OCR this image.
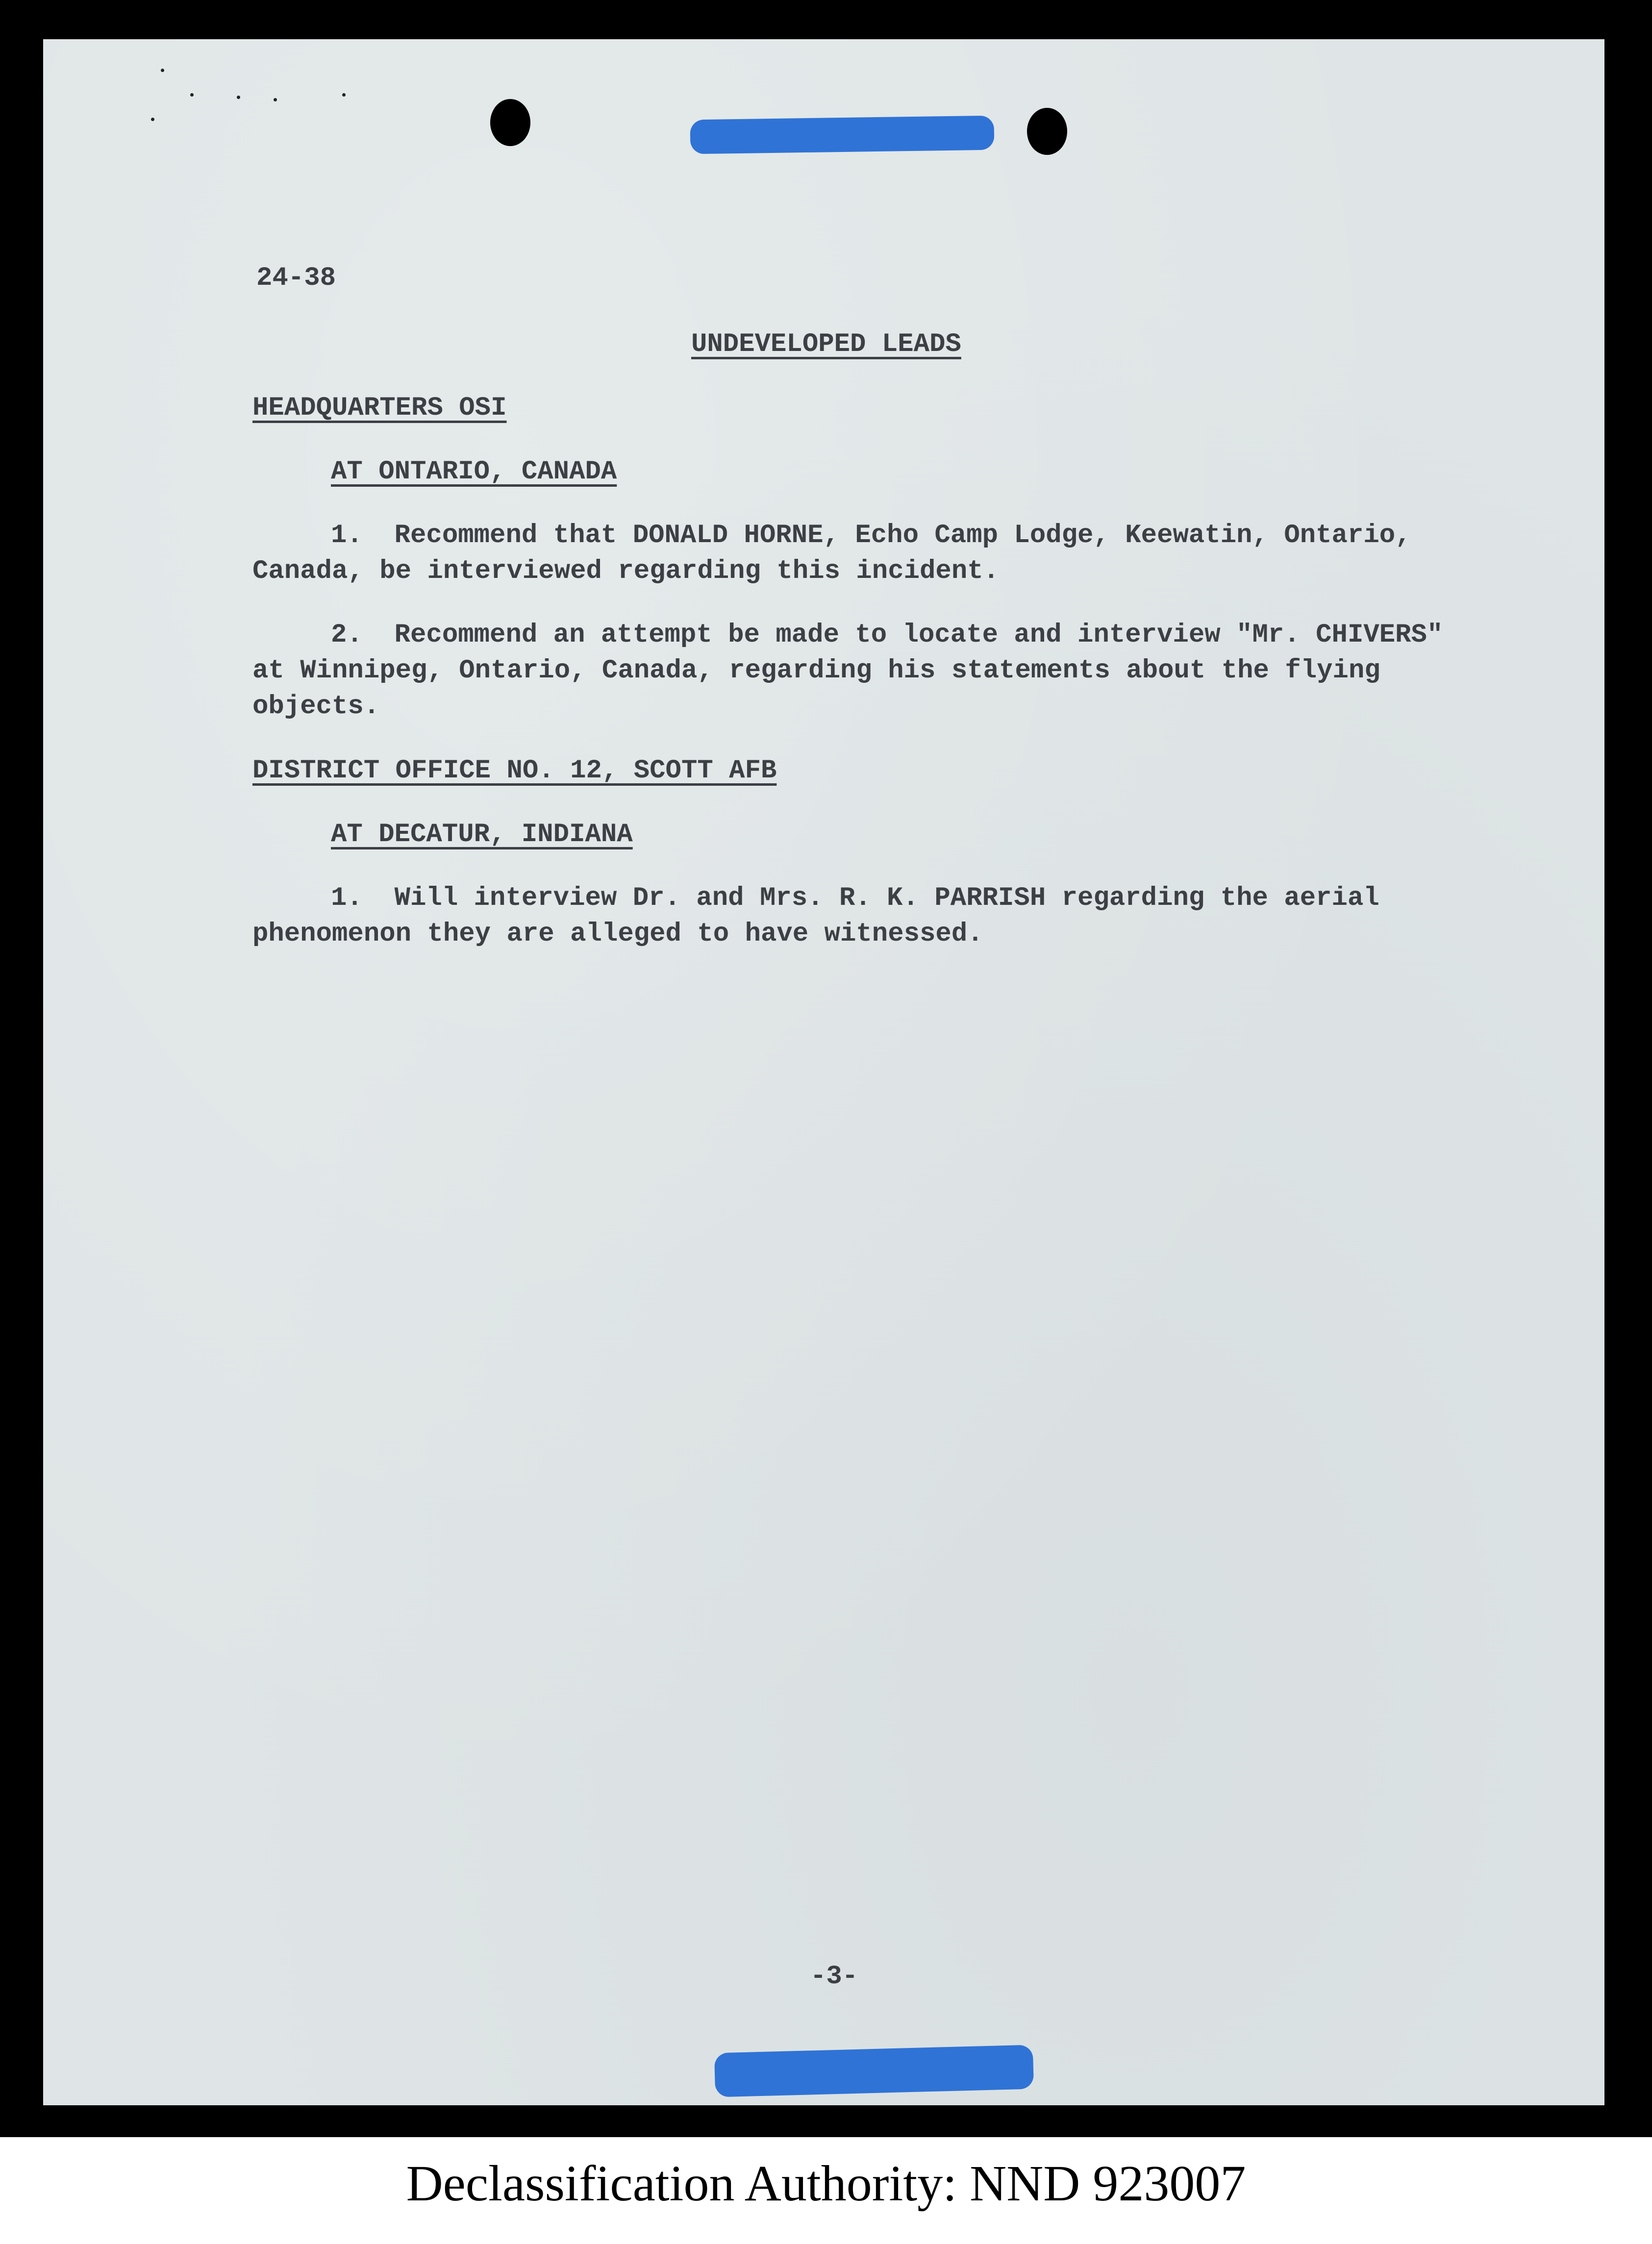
24-38

UNDEVELOPED LEADS

HEADQUARTERS OSI

AT ONTARIO, CANADA

1.  Recommend that DONALD HORNE, Echo Camp Lodge, Keewatin, Ontario,

Canada, be interviewed regarding this incident.

2.  Recommend an attempt be made to locate and interview "Mr. CHIVERS"

at Winnipeg, Ontario, Canada, regarding his statements about the flying

objects.

DISTRICT OFFICE NO. 12, SCOTT AFB

AT DECATUR, INDIANA

1.  Will interview Dr. and Mrs. R. K. PARRISH regarding the aerial

phenomenon they are alleged to have witnessed.

-3-

Declassification Authority: NND 923007
